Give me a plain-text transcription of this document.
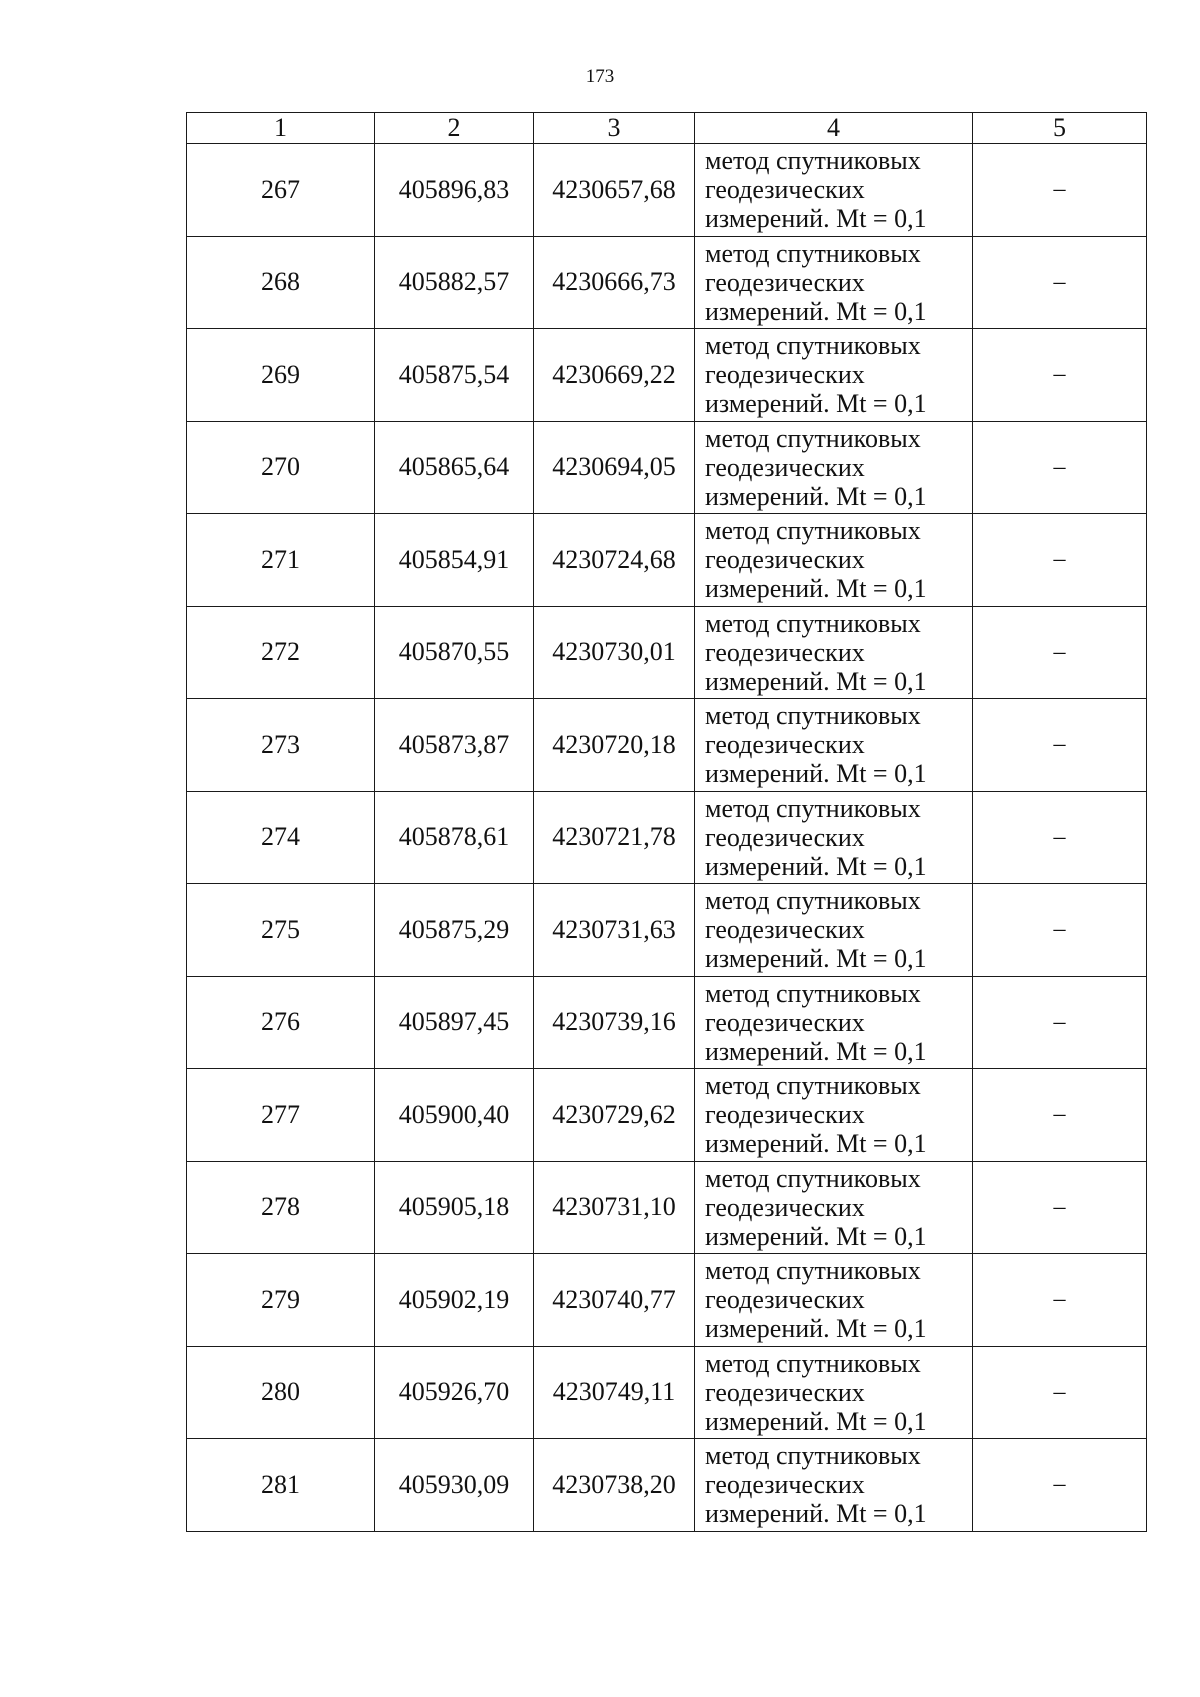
173
1	2	3	4	5
267	405896,83	4230657,68	метод спутниковых
геодезических
измерений. Mt = 0,1	–
268	405882,57	4230666,73	метод спутниковых
геодезических
измерений. Mt = 0,1	–
269	405875,54	4230669,22	метод спутниковых
геодезических
измерений. Mt = 0,1	–
270	405865,64	4230694,05	метод спутниковых
геодезических
измерений. Mt = 0,1	–
271	405854,91	4230724,68	метод спутниковых
геодезических
измерений. Mt = 0,1	–
272	405870,55	4230730,01	метод спутниковых
геодезических
измерений. Mt = 0,1	–
273	405873,87	4230720,18	метод спутниковых
геодезических
измерений. Mt = 0,1	–
274	405878,61	4230721,78	метод спутниковых
геодезических
измерений. Mt = 0,1	–
275	405875,29	4230731,63	метод спутниковых
геодезических
измерений. Mt = 0,1	–
276	405897,45	4230739,16	метод спутниковых
геодезических
измерений. Mt = 0,1	–
277	405900,40	4230729,62	метод спутниковых
геодезических
измерений. Mt = 0,1	–
278	405905,18	4230731,10	метод спутниковых
геодезических
измерений. Mt = 0,1	–
279	405902,19	4230740,77	метод спутниковых
геодезических
измерений. Mt = 0,1	–
280	405926,70	4230749,11	метод спутниковых
геодезических
измерений. Mt = 0,1	–
281	405930,09	4230738,20	метод спутниковых
геодезических
измерений. Mt = 0,1	–
